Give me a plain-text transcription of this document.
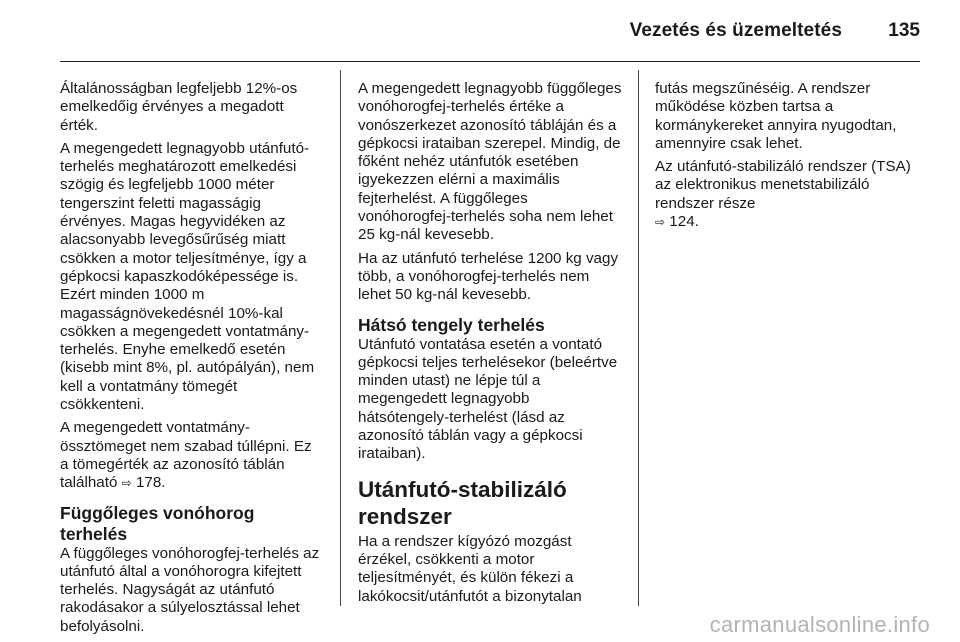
Vezetés és üzemeltetés 135

Általánosságban legfeljebb 12%-os emelkedőig érvényes a megadott érték.

A megengedett legnagyobb utánfutó-terhelés meghatározott emelkedési szögig és legfeljebb 1000 méter tengerszint feletti magasságig érvényes. Magas hegyvidéken az alacsonyabb levegősűrűség miatt csökken a motor teljesítménye, így a gépkocsi kapaszkodóképessége is. Ezért minden 1000 m magasságnövekedésnél 10%-kal csökken a megengedett vontatmány-terhelés. Enyhe emelkedő esetén (kisebb mint 8%, pl. autópályán), nem kell a vontatmány tömegét csökkenteni.

A megengedett vontatmány-össztömeget nem szabad túllépni. Ez a tömegérték az azonosító táblán található ⇨ 178.

Függőleges vonóhorog terhelés

A függőleges vonóhorogfej-terhelés az utánfutó által a vonóhorogra kifejtett terhelés. Nagyságát az utánfutó rakodásakor a súlyelosztással lehet befolyásolni.

A megengedett legnagyobb függőleges vonóhorogfej-terhelés értéke a vonószerkezet azonosító tábláján és a gépkocsi irataiban szerepel. Mindig, de főként nehéz utánfutók esetében igyekezzen elérni a maximális fejterhelést. A függőleges vonóhorogfej-terhelés soha nem lehet 25 kg-nál kevesebb.

Ha az utánfutó terhelése 1200 kg vagy több, a vonóhorogfej-terhelés nem lehet 50 kg-nál kevesebb.

Hátsó tengely terhelés

Utánfutó vontatása esetén a vontató gépkocsi teljes terhelésekor (beleértve minden utast) ne lépje túl a megengedett legnagyobb hátsótengely-terhelést (lásd az azonosító táblán vagy a gépkocsi irataiban).

Utánfutó-stabilizáló rendszer

Ha a rendszer kígyózó mozgást érzékel, csökkenti a motor teljesítményét, és külön fékezi a lakókocsit/utánfutót a bizonytalan

futás megszűnéséig. A rendszer működése közben tartsa a kormánykereket annyira nyugodtan, amennyire csak lehet.

Az utánfutó-stabilizáló rendszer (TSA) az elektronikus menetstabilizáló rendszer része
⇨ 124.

carmanualsonline.info
